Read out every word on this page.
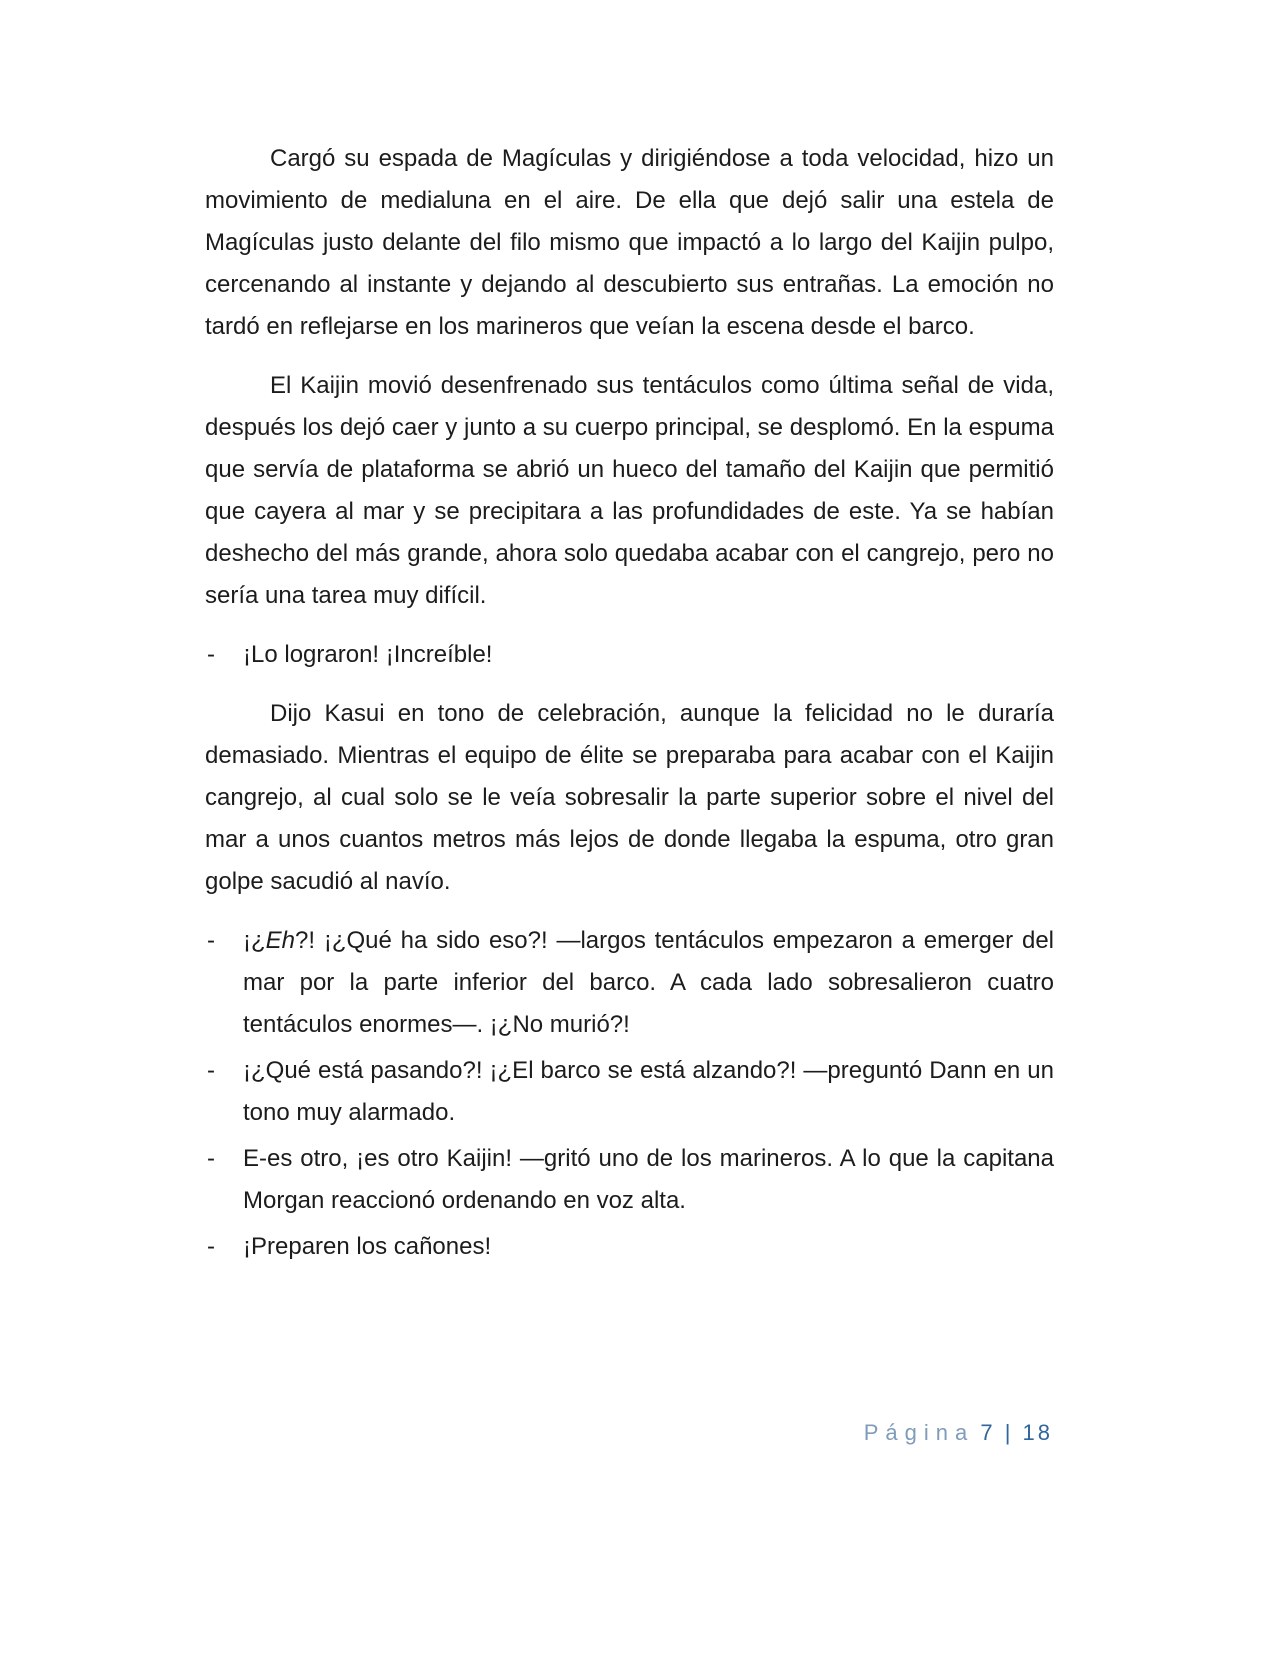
Cargó su espada de Magículas y dirigiéndose a toda velocidad, hizo un movimiento de medialuna en el aire. De ella que dejó salir una estela de Magículas justo delante del filo mismo que impactó a lo largo del Kaijin pulpo, cercenando al instante y dejando al descubierto sus entrañas. La emoción no tardó en reflejarse en los marineros que veían la escena desde el barco.

El Kaijin movió desenfrenado sus tentáculos como última señal de vida, después los dejó caer y junto a su cuerpo principal, se desplomó. En la espuma que servía de plataforma se abrió un hueco del tamaño del Kaijin que permitió que cayera al mar y se precipitara a las profundidades de este. Ya se habían deshecho del más grande, ahora solo quedaba acabar con el cangrejo, pero no sería una tarea muy difícil.

- ¡Lo lograron! ¡Increíble!

Dijo Kasui en tono de celebración, aunque la felicidad no le duraría demasiado. Mientras el equipo de élite se preparaba para acabar con el Kaijin cangrejo, al cual solo se le veía sobresalir la parte superior sobre el nivel del mar a unos cuantos metros más lejos de donde llegaba la espuma, otro gran golpe sacudió al navío.

- ¡¿Eh?! ¡¿Qué ha sido eso?! —largos tentáculos empezaron a emerger del mar por la parte inferior del barco. A cada lado sobresalieron cuatro tentáculos enormes—. ¡¿No murió?!
- ¡¿Qué está pasando?! ¡¿El barco se está alzando?! —preguntó Dann en un tono muy alarmado.
- E-es otro, ¡es otro Kaijin! —gritó uno de los marineros. A lo que la capitana Morgan reaccionó ordenando en voz alta.
- ¡Preparen los cañones!
Página 7 | 18
